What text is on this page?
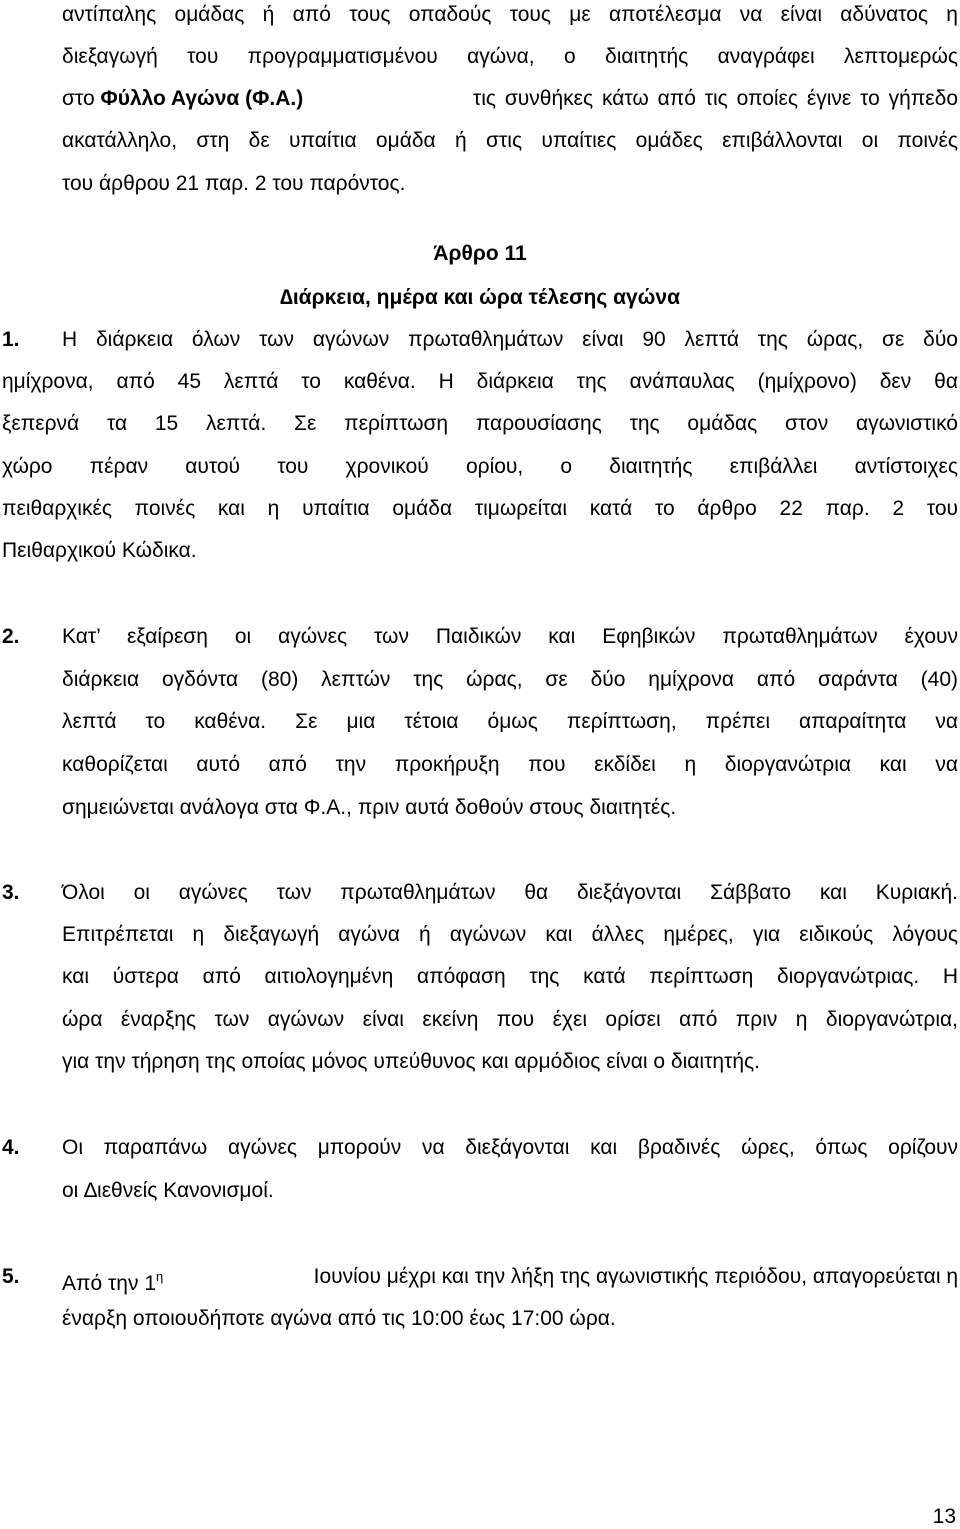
αντίπαλης ομάδας ή από τους οπαδούς τους με αποτέλεσμα να είναι αδύνατος η
διεξαγωγή του προγραμματισμένου αγώνα, ο διαιτητής αναγράφει λεπτομερώς
στο Φύλλο Αγώνα (Φ.Α.)	τις συνθήκες κάτω από τις οποίες έγινε το γήπεδο
ακατάλληλο, στη δε υπαίτια ομάδα ή στις υπαίτιες ομάδες επιβάλλονται οι ποινές
του άρθρου 21 παρ. 2 του παρόντος.
Άρθρο 11
∆ιάρκεια, ημέρα και ώρα τέλεσης αγώνα
1. Η διάρκεια όλων των αγώνων πρωταθλημάτων είναι 90 λεπτά της ώρας, σε δύο
ημίχρονα, από 45 λεπτά το καθένα. Η διάρκεια της ανάπαυλας (ημίχρονο) δεν θα
ξεπερνά τα 15 λεπτά. Σε περίπτωση παρουσίασης της ομάδας στον αγωνιστικό
χώρο πέραν αυτού του χρονικού ορίου, ο διαιτητής επιβάλλει αντίστοιχες
πειθαρχικές ποινές και η υπαίτια ομάδα τιμωρείται κατά το άρθρο 22 παρ. 2 του
Πειθαρχικού Κώδικα.
2. Κατ’ εξαίρεση οι αγώνες των Παιδικών και Εφηβικών πρωταθλημάτων έχουν
διάρκεια ογδόντα (80) λεπτών της ώρας, σε δύο ημίχρονα από σαράντα (40)
λεπτά το καθένα. Σε μια τέτοια όμως περίπτωση, πρέπει απαραίτητα να
καθορίζεται αυτό από την προκήρυξη που εκδίδει η διοργανώτρια και να
σημειώνεται ανάλογα στα Φ.Α., πριν αυτά δοθούν στους διαιτητές.
3. Όλοι οι αγώνες των πρωταθλημάτων θα διεξάγονται Σάββατο και Κυριακή.
Επιτρέπεται η διεξαγωγή αγώνα ή αγώνων και άλλες ημέρες, για ειδικούς λόγους
και ύστερα από αιτιολογημένη απόφαση της κατά περίπτωση διοργανώτριας. Η
ώρα έναρξης των αγώνων είναι εκείνη που έχει ορίσει από πριν η διοργανώτρια,
για την τήρηση της οποίας μόνος υπεύθυνος και αρμόδιος είναι ο διαιτητής.
4. Οι παραπάνω αγώνες μπορούν να διεξάγονται και βραδινές ώρες, όπως ορίζουν
οι ∆ιεθνείς Κανονισμοί.
5. Από την $1^\eta$	Ιουνίου μέχρι και την λήξη της αγωνιστικής περιόδου, απαγορεύεται η
έναρξη οποιουδήποτε αγώνα από τις 10:00 έως 17:00 ώρα.
13
